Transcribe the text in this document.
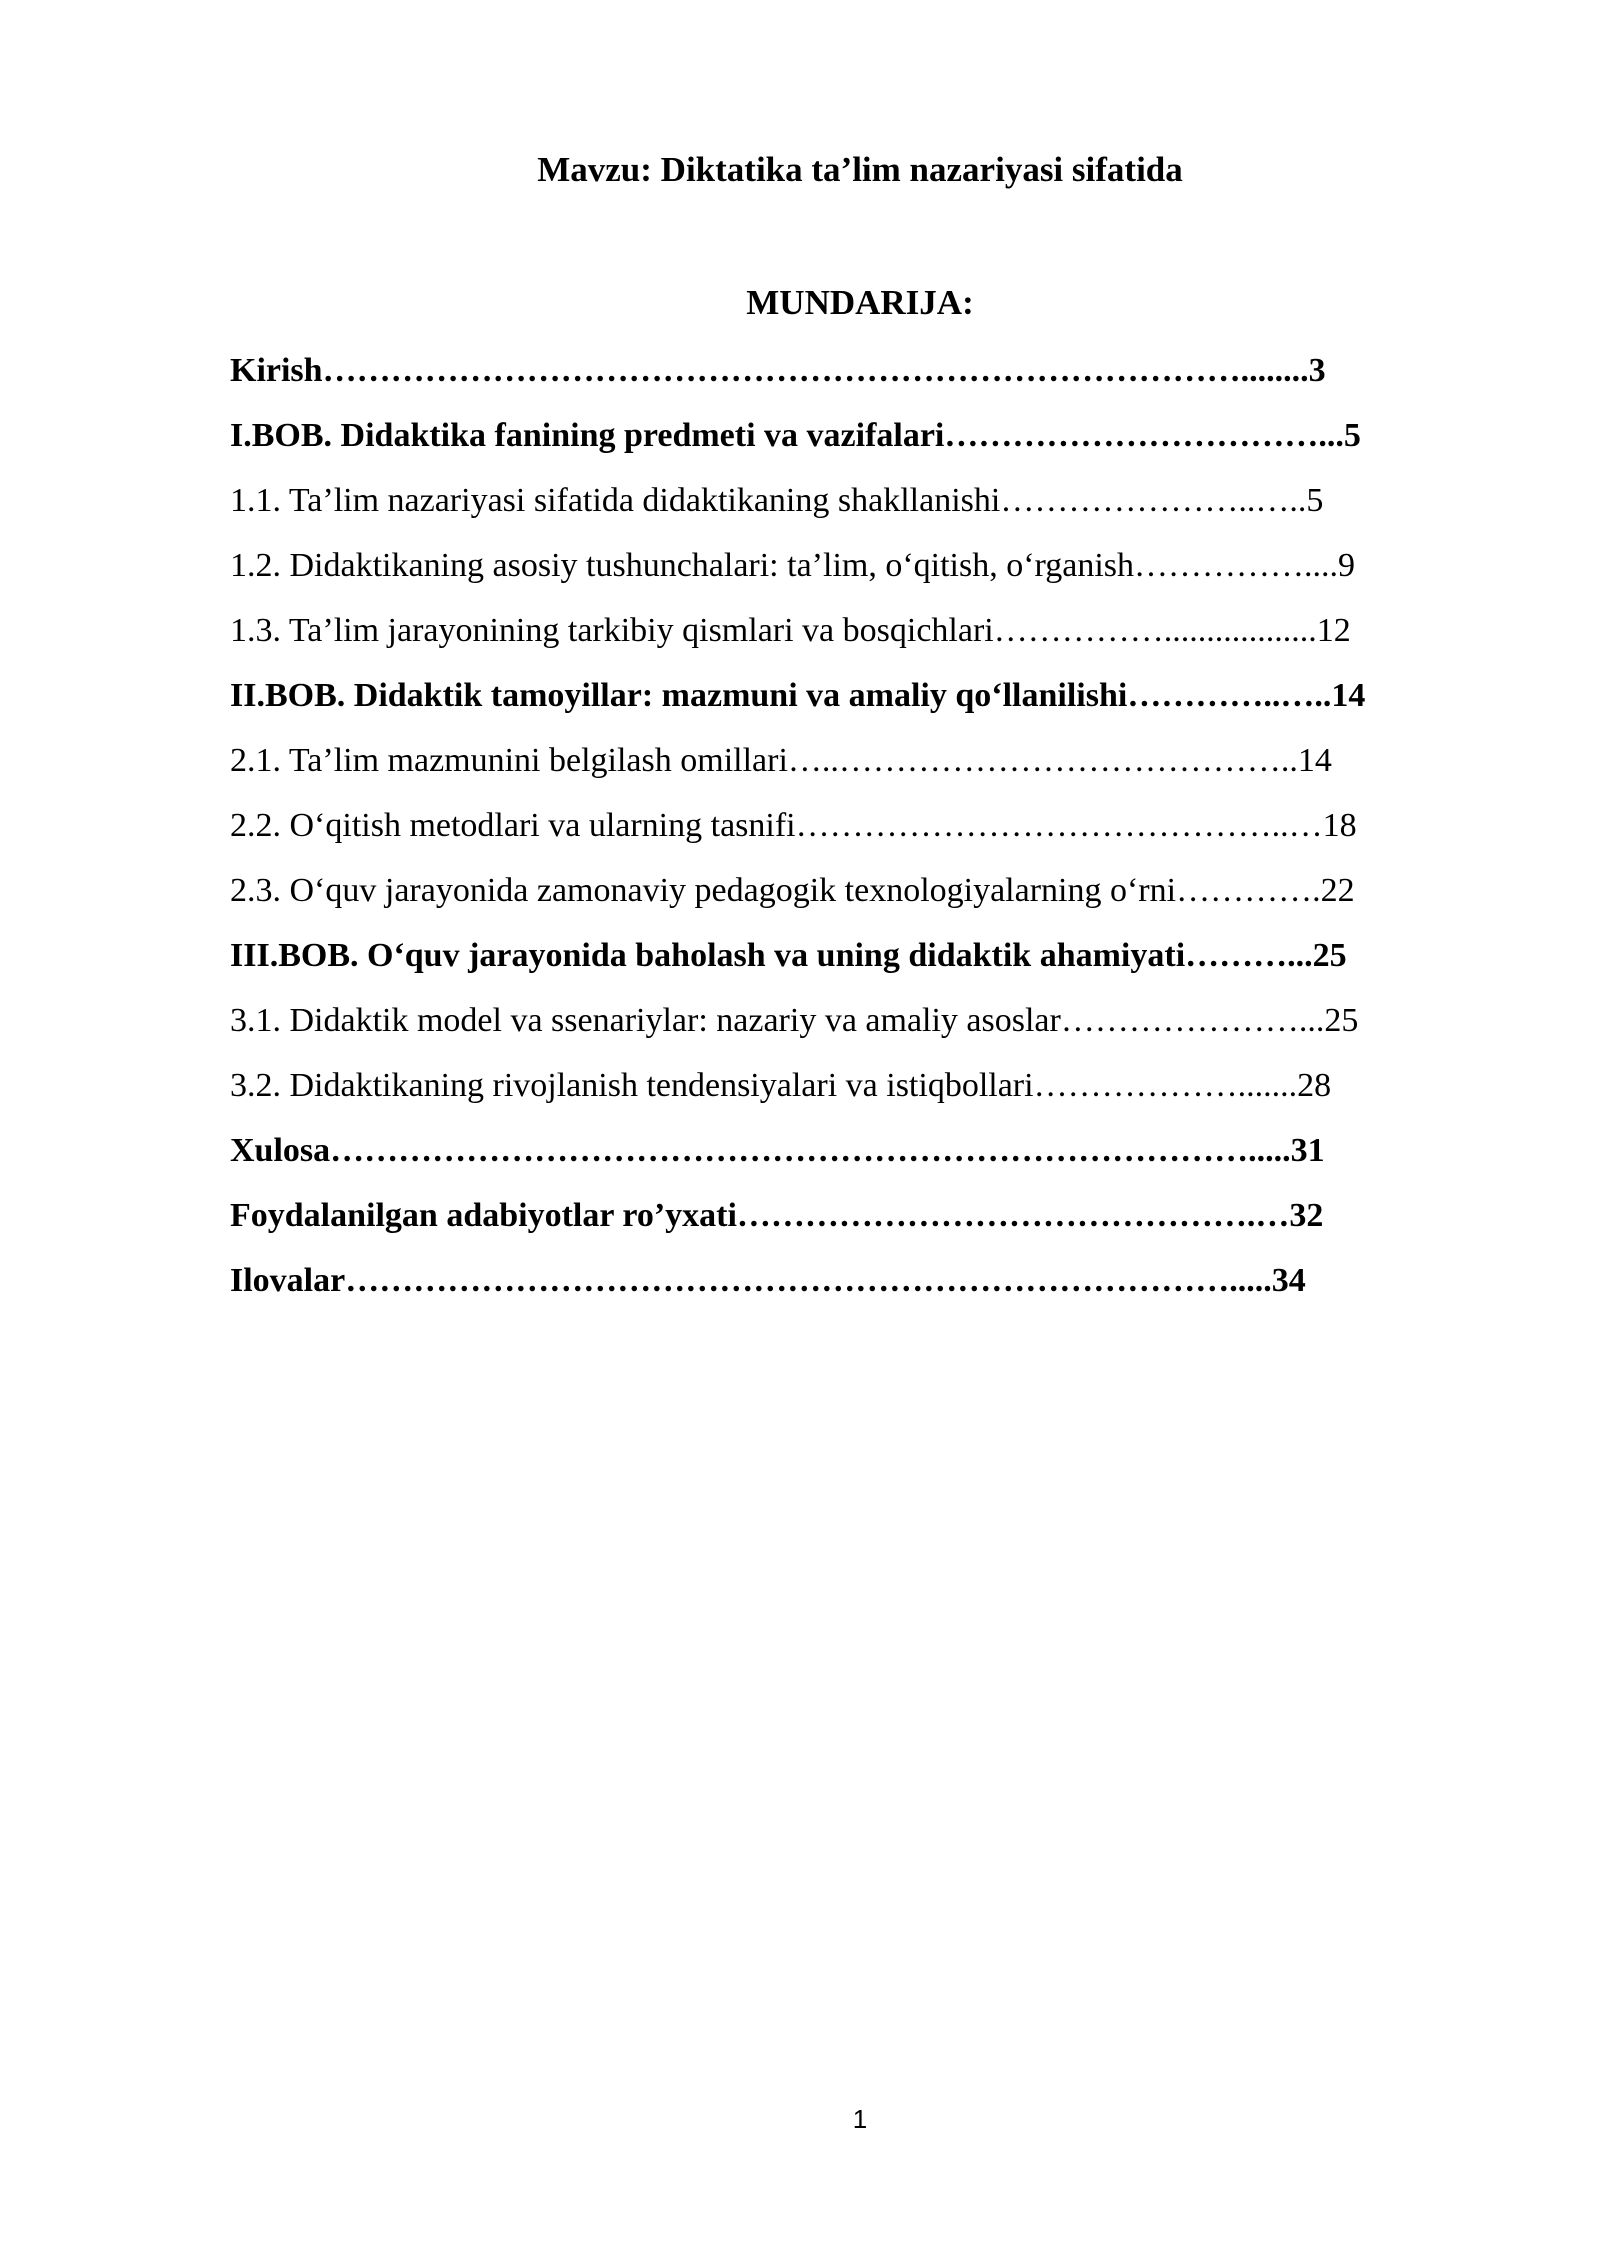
Mavzu: Diktatika ta’lim nazariyasi sifatida
MUNDARIJA:
Kirish………………………………………………………………………........3
I.BOB. Didaktika fanining predmeti va vazifalari……………………………...5
1.1. Ta’lim nazariyasi sifatida didaktikaning shakllanishi…………………..…..5
1.2. Didaktikaning asosiy tushunchalari: ta’lim, o‘qitish, o‘rganish……………....9
1.3. Ta’lim jarayonining tarkibiy qismlari va bosqichlari……………..................12
II.BOB. Didaktik tamoyillar: mazmuni va amaliy qo‘llanilishi…………..…..14
2.1. Ta’lim mazmunini belgilash omillari…..…………………………………..14
2.2. O‘qitish metodlari va ularning tasnifi……………………………………..…18
2.3. O‘quv jarayonida zamonaviy pedagogik texnologiyalarning o‘rni………….22
III.BOB. O‘quv jarayonida baholash va uning didaktik ahamiyati………...25
3.1. Didaktik model va ssenariylar: nazariy va amaliy asoslar…………………...25
3.2. Didaktikaning rivojlanish tendensiyalari va istiqbollari……………….......28
Xulosa……………………………………………………………………….....31
Foydalanilgan adabiyotlar ro’yxati……………………………………….…32
Ilovalar…………………………………………………………………….....34
1
